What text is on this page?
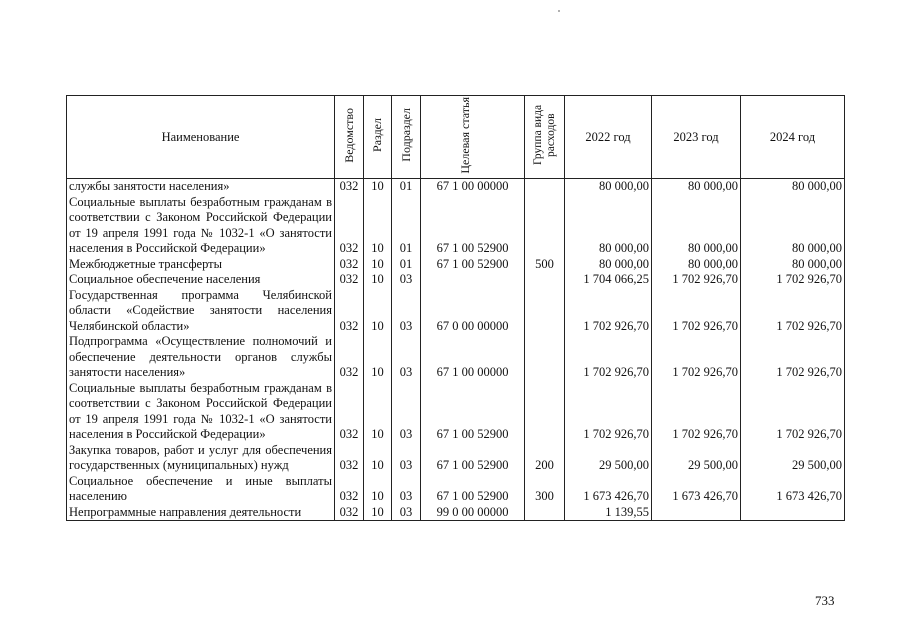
Наименование	Ведомство	Раздел	Подраздел	Целевая статья	Группа вида расходов	2022 год	2023 год	2024 год
службы занятости населения»	032	10	01	67 1 00 00000		80 000,00	80 000,00	80 000,00
Социальные выплаты безработным гражданам в соответствии с Законом Российской Федерации от 19 апреля 1991 года № 1032-1 «О занятости населения в Российской Федерации»	032	10	01	67 1 00 52900		80 000,00	80 000,00	80 000,00
Межбюджетные трансферты	032	10	01	67 1 00 52900	500	80 000,00	80 000,00	80 000,00
Социальное обеспечение населения	032	10	03			1 704 066,25	1 702 926,70	1 702 926,70
Государственная программа Челябинской области «Содействие занятости населения Челябинской области»	032	10	03	67 0 00 00000		1 702 926,70	1 702 926,70	1 702 926,70
Подпрограмма «Осуществление полномочий и обеспечение деятельности органов службы занятости населения»	032	10	03	67 1 00 00000		1 702 926,70	1 702 926,70	1 702 926,70
Социальные выплаты безработным гражданам в соответствии с Законом Российской Федерации от 19 апреля 1991 года № 1032-1 «О занятости населения в Российской Федерации»	032	10	03	67 1 00 52900		1 702 926,70	1 702 926,70	1 702 926,70
Закупка товаров, работ и услуг для обеспечения государственных (муниципальных) нужд	032	10	03	67 1 00 52900	200	29 500,00	29 500,00	29 500,00
Социальное обеспечение и иные выплаты населению	032	10	03	67 1 00 52900	300	1 673 426,70	1 673 426,70	1 673 426,70
Непрограммные направления деятельности	032	10	03	99 0 00 00000		1 139,55		
733
